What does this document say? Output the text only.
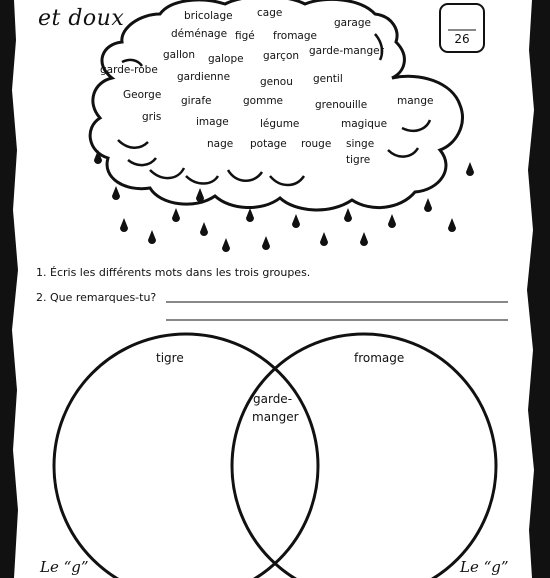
et doux
26
bricolage cage
garage
déménage figé fromage
gallon galope garçon garde-manger
garde-robe
gardienne	genou gentil
George girafe	gomme	grenouille	mange
gris	image	légume	magique
nage potage rouge singe
tigre
1. Écris les différents mots dans les trois groupes.
2. Que remarques-tu?
tigre	fromage
garde-
manger
Le “g”	Le “g”
